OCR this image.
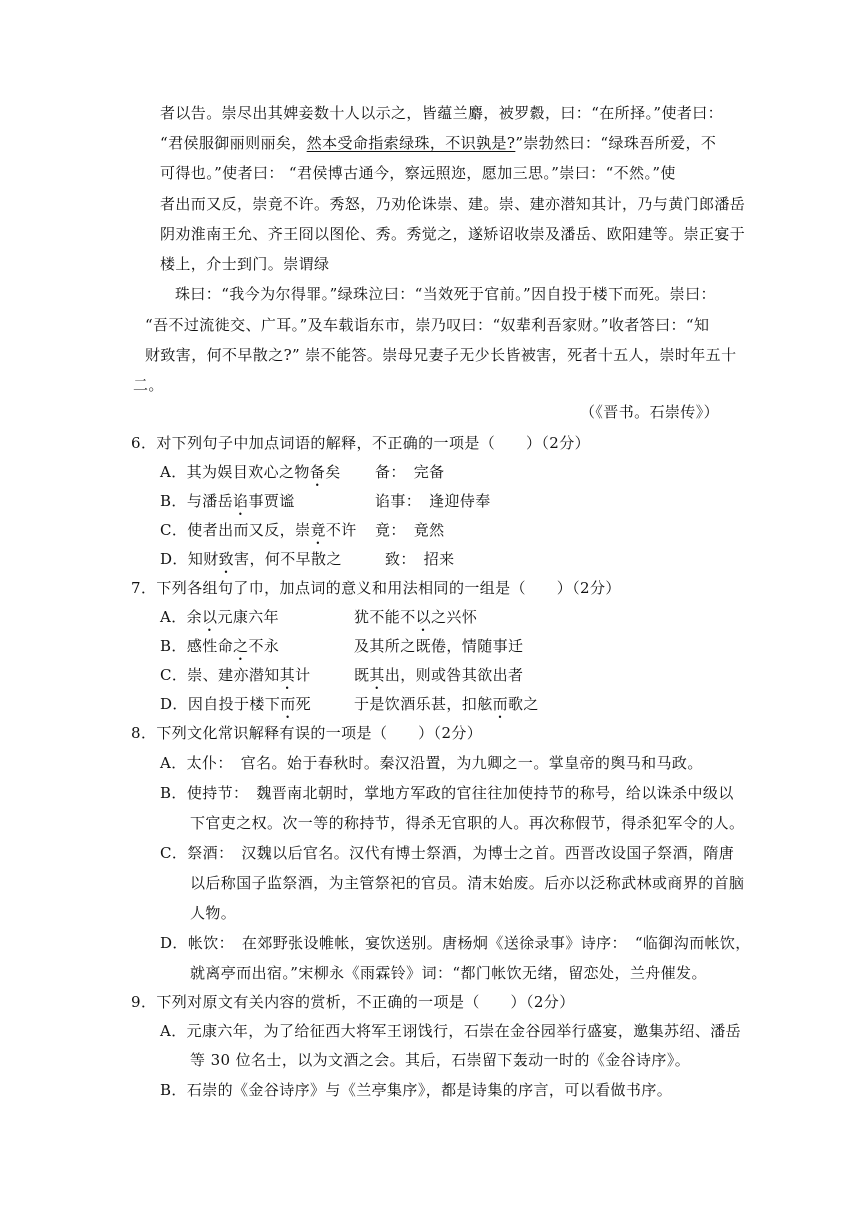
者以告。崇尽出其婢妾数十人以示之，皆蕴兰麝，被罗縠，曰：“在所择。”使者曰：
“君侯服御丽则丽矣，然本受命指索绿珠，不识孰是?”崇勃然曰：“绿珠吾所爱，不
可得也。”使者曰： “君侯博古通今，察远照迩，愿加三思。”崇曰：“不然。”使
者出而又反，崇竟不许。秀怒，乃劝伦诛崇、建。崇、建亦潜知其计，乃与黄门郎潘岳
阴劝淮南王允、齐王冏以图伦、秀。秀觉之，遂矫诏收崇及潘岳、欧阳建等。崇正宴于
楼上，介士到门。崇谓绿
珠曰：“我今为尔得罪。”绿珠泣曰：“当效死于官前。”因自投于楼下而死。崇曰：
“吾不过流徙交、广耳。”及车载诣东市，崇乃叹曰：“奴辈利吾家财。”收者答曰：“知
财致害，何不早散之?” 崇不能答。崇母兄妻子无少长皆被害，死者十五人，崇时年五十
二。
（《晋书。石崇传》）
6．对下列句子中加点词语的解释，不正确的一项是（　　）（2分）
A．其为娱目欢心之物备矣 备：　完备
B．与潘岳谄事贾谧	谄事：　逢迎侍奉
C．使者出而又反，崇竟不许 竟：　竟然
D．知财致害，何不早散之	致：　招来
7．下列各组句了巾，加点词的意义和用法相同的一组是（　　）（2分）
A．余以元康六年	犹不能不以之兴怀
B．感性命之不永	及其所之既倦，情随事迁
C．崇、建亦潜知其计	既其出，则或咎其欲出者
D．因自投于楼下而死	于是饮酒乐甚，扣舷而歌之
8．下列文化常识解释有误的一项是（　　）（2分）
A．太仆：　官名。始于春秋时。秦汉沿置，为九卿之一。掌皇帝的舆马和马政。
B．使持节：　魏晋南北朝时，掌地方军政的官往往加使持节的称号，给以诛杀中级以
下官吏之权。次一等的称持节，得杀无官职的人。再次称假节，得杀犯军令的人。
C．祭酒：　汉魏以后官名。汉代有博士祭酒，为博士之首。西晋改设国子祭酒，隋唐
以后称国子监祭酒，为主管祭祀的官员。清末始废。后亦以泛称武林或商界的首脑
人物。
D．帐饮：　在郊野张设帷帐，宴饮送别。唐杨炯《送徐录事》诗序：　“临御沟而帐饮，
就离亭而出宿。”宋柳永《雨霖铃》词：“都门帐饮无绪，留恋处，兰舟催发。
9．下列对原文有关内容的赏析，不正确的一项是（　　）（2分）
A．元康六年，为了给征西大将军王诩饯行，石崇在金谷园举行盛宴，邀集苏绍、潘岳
等 30 位名士，以为文酒之会。其后，石崇留下轰动一时的《金谷诗序》。
B．石崇的《金谷诗序》与《兰亭集序》，都是诗集的序言，可以看做书序。
